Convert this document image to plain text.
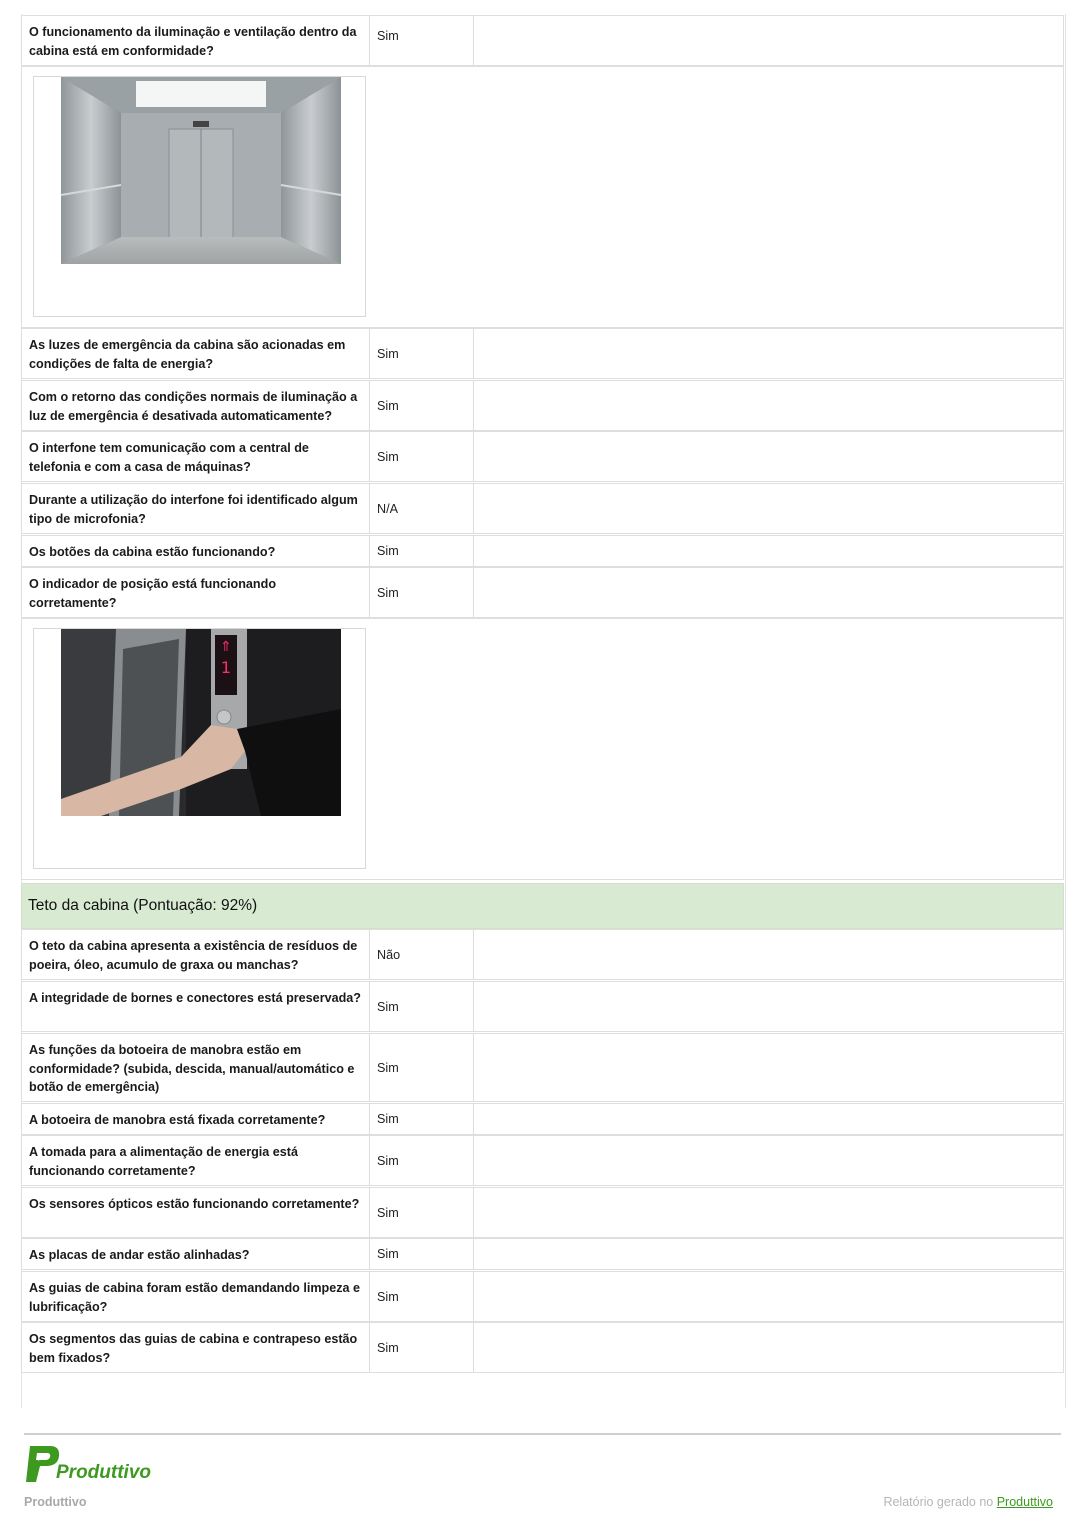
O funcionamento da iluminação e ventilação dentro da cabina está em conformidade?
Sim
As luzes de emergência da cabina são acionadas em condições de falta de energia?
Sim
Com o retorno das condições normais de iluminação a luz de emergência é desativada automaticamente?
Sim
O interfone tem comunicação com a central de telefonia e com a casa de máquinas?
Sim
Durante a utilização do interfone foi identificado algum tipo de microfonia?
N/A
Os botões da cabina estão funcionando?	Sim
O indicador de posição está funcionando corretamente?
Sim
⇑
1
Teto da cabina (Pontuação: 92%)
O teto da cabina apresenta a existência de resíduos de poeira, óleo, acumulo de graxa ou manchas?
Não
A integridade de bornes e conectores está preservada?
Sim
As funções da botoeira de manobra estão em conformidade? (subida, descida, manual/automático e botão de emergência)
Sim
A botoeira de manobra está fixada corretamente?	Sim
A tomada para a alimentação de energia está funcionando corretamente?
Sim
Os sensores ópticos estão funcionando corretamente?
Sim
As placas de andar estão alinhadas?	Sim
As guias de cabina foram estão demandando limpeza e lubrificação?
Sim
Os segmentos das guias de cabina e contrapeso estão bem fixados?
Sim
Produttivo
Produttivo	Relatório gerado no Produttivo
